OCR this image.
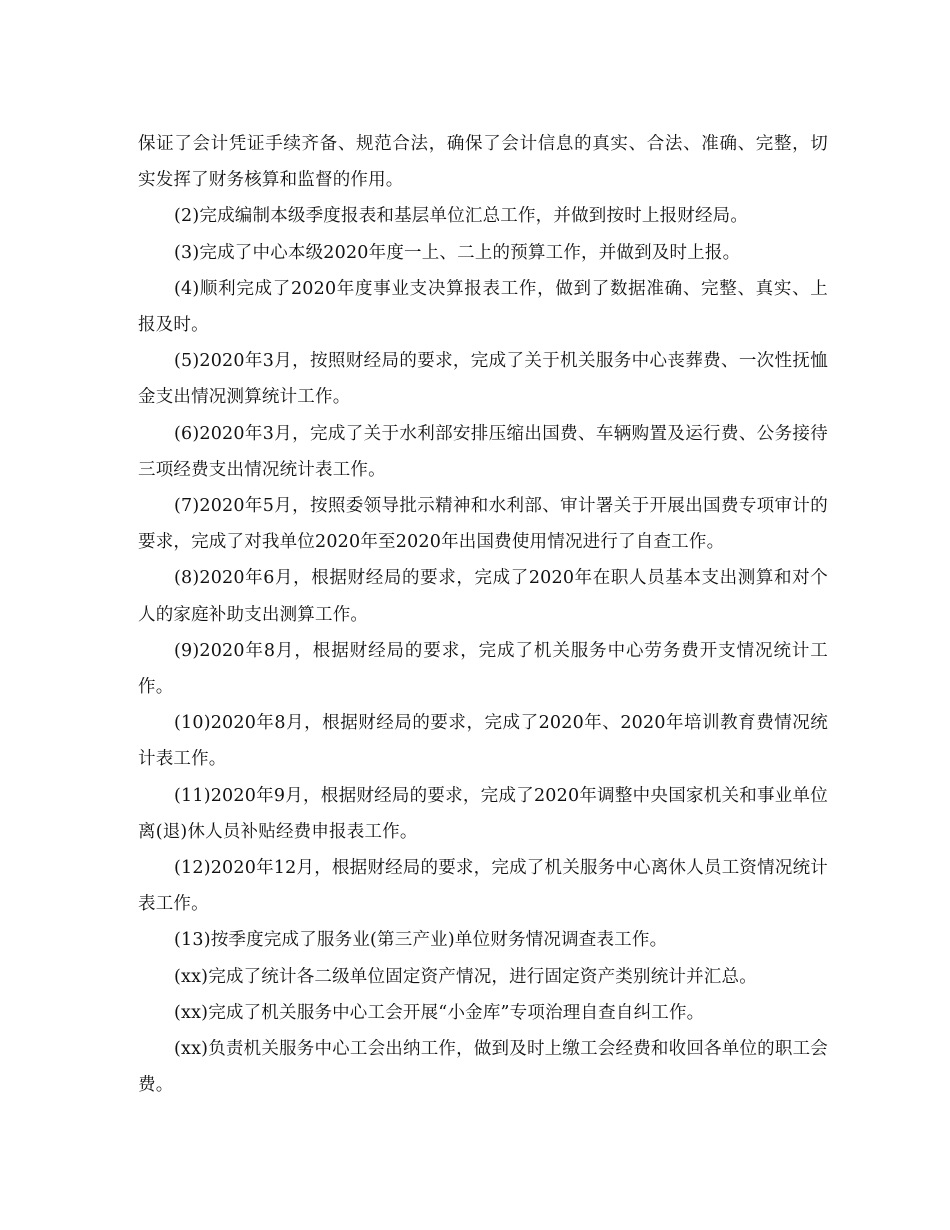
保证了会计凭证手续齐备、规范合法，确保了会计信息的真实、合法、准确、完整，切实发挥了财务核算和监督的作用。

(2)完成编制本级季度报表和基层单位汇总工作，并做到按时上报财经局。

(3)完成了中心本级2020年度一上、二上的预算工作，并做到及时上报。

(4)顺利完成了2020年度事业支决算报表工作，做到了数据准确、完整、真实、上报及时。

(5)2020年3月，按照财经局的要求，完成了关于机关服务中心丧葬费、一次性抚恤金支出情况测算统计工作。

(6)2020年3月，完成了关于水利部安排压缩出国费、车辆购置及运行费、公务接待三项经费支出情况统计表工作。

(7)2020年5月，按照委领导批示精神和水利部、审计署关于开展出国费专项审计的要求，完成了对我单位2020年至2020年出国费使用情况进行了自查工作。

(8)2020年6月，根据财经局的要求，完成了2020年在职人员基本支出测算和对个人的家庭补助支出测算工作。

(9)2020年8月，根据财经局的要求，完成了机关服务中心劳务费开支情况统计工作。

(10)2020年8月，根据财经局的要求，完成了2020年、2020年培训教育费情况统计表工作。

(11)2020年9月，根据财经局的要求，完成了2020年调整中央国家机关和事业单位离(退)休人员补贴经费申报表工作。

(12)2020年12月，根据财经局的要求，完成了机关服务中心离休人员工资情况统计表工作。

(13)按季度完成了服务业(第三产业)单位财务情况调查表工作。

(xx)完成了统计各二级单位固定资产情况，进行固定资产类别统计并汇总。

(xx)完成了机关服务中心工会开展“小金库”专项治理自查自纠工作。

(xx)负责机关服务中心工会出纳工作，做到及时上缴工会经费和收回各单位的职工会费。
